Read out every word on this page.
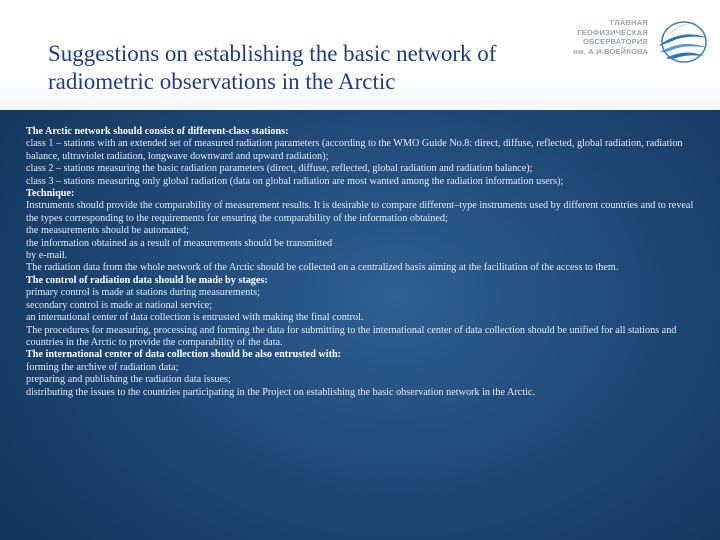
Suggestions on establishing the basic network of radiometric observations in the Arctic
ГЛАВНАЯ
ГЕОФИЗИЧЕСКАЯ
ОБСЕРВАТОРИЯ
им. А.И.ВОЕЙКОВА

The Arctic network should consist of different-class stations:

class 1 – stations with an extended set of measured radiation parameters (according to the WMO Guide No.8: direct, diffuse, reflected, global radiation, radiation balance, ultraviolet radiation, longwave downward and upward radiation);

class 2 – stations measuring the basic radiation parameters (direct, diffuse, reflected, global radiation and radiation balance);

class 3 – stations measuring only global radiation (data on global radiation are most wanted among the radiation information users);

Technique:

Instruments should provide the comparability of measurement results. It is desirable to compare different–type instruments used by different countries and to reveal the types corresponding to the requirements for ensuring the comparability of the information obtained;

the measurements should be automated;

the information obtained as a result of measurements should be transmitted

by e-mail.

The radiation data from the whole network of the Arctic should be collected on a centralized basis aiming at the facilitation of the access to them.

The control of radiation data should be made by stages:

primary control is made at stations during measurements;

secondary control is made at national service;

an international center of data collection is entrusted with making the final control.

The procedures for measuring, processing and forming the data for submitting to the international center of data collection should be unified for all stations and countries in the Arctic to provide the comparability of the data.

The international center of data collection should be also entrusted with:

forming the archive of radiation data;

preparing and publishing the radiation data issues;

distributing the issues to the countries participating in the Project on establishing the basic observation network in the Arctic.
